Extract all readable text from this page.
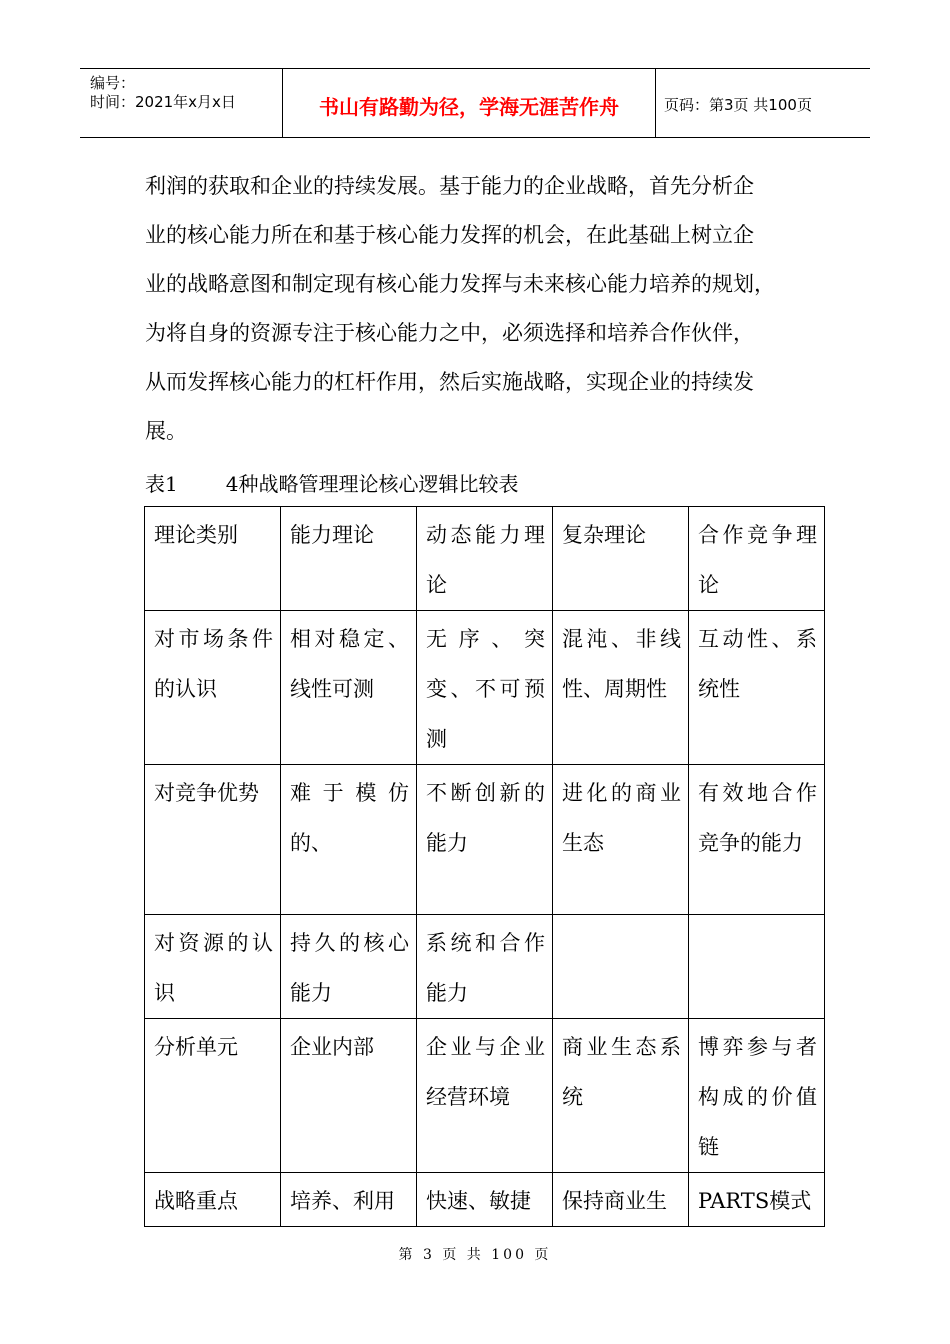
编号：
时间：2021年x月x日	书山有路勤为径，学海无涯苦作舟	页码：第3页 共100页

利润的获取和企业的持续发展。基于能力的企业战略，首先分析企

业的核心能力所在和基于核心能力发挥的机会，在此基础上树立企

业的战略意图和制定现有核心能力发挥与未来核心能力培养的规划，

为将自身的资源专注于核心能力之中，必须选择和培养合作伙伴，

从而发挥核心能力的杠杆作用，然后实施战略，实现企业的持续发

展。

表1 4种战略管理理论核心逻辑比较表
理论类别	能力理论	动态能力理论	复杂理论	合作竞争理论
对市场条件的认识	相对稳定、线性可测	无序、突变、不可预测	混沌、非线性、周期性	互动性、系统性
对竞争优势	难于模仿的、	不断创新的能力	进化的商业生态	有效地合作竞争的能力
对资源的认识	持久的核心能力	系统和合作能力		
分析单元	企业内部	企业与企业经营环境	商业生态系统	博弈参与者构成的价值链
战略重点	培养、利用	快速、敏捷	保持商业生	PARTS模式
第 3 页 共 100 页
